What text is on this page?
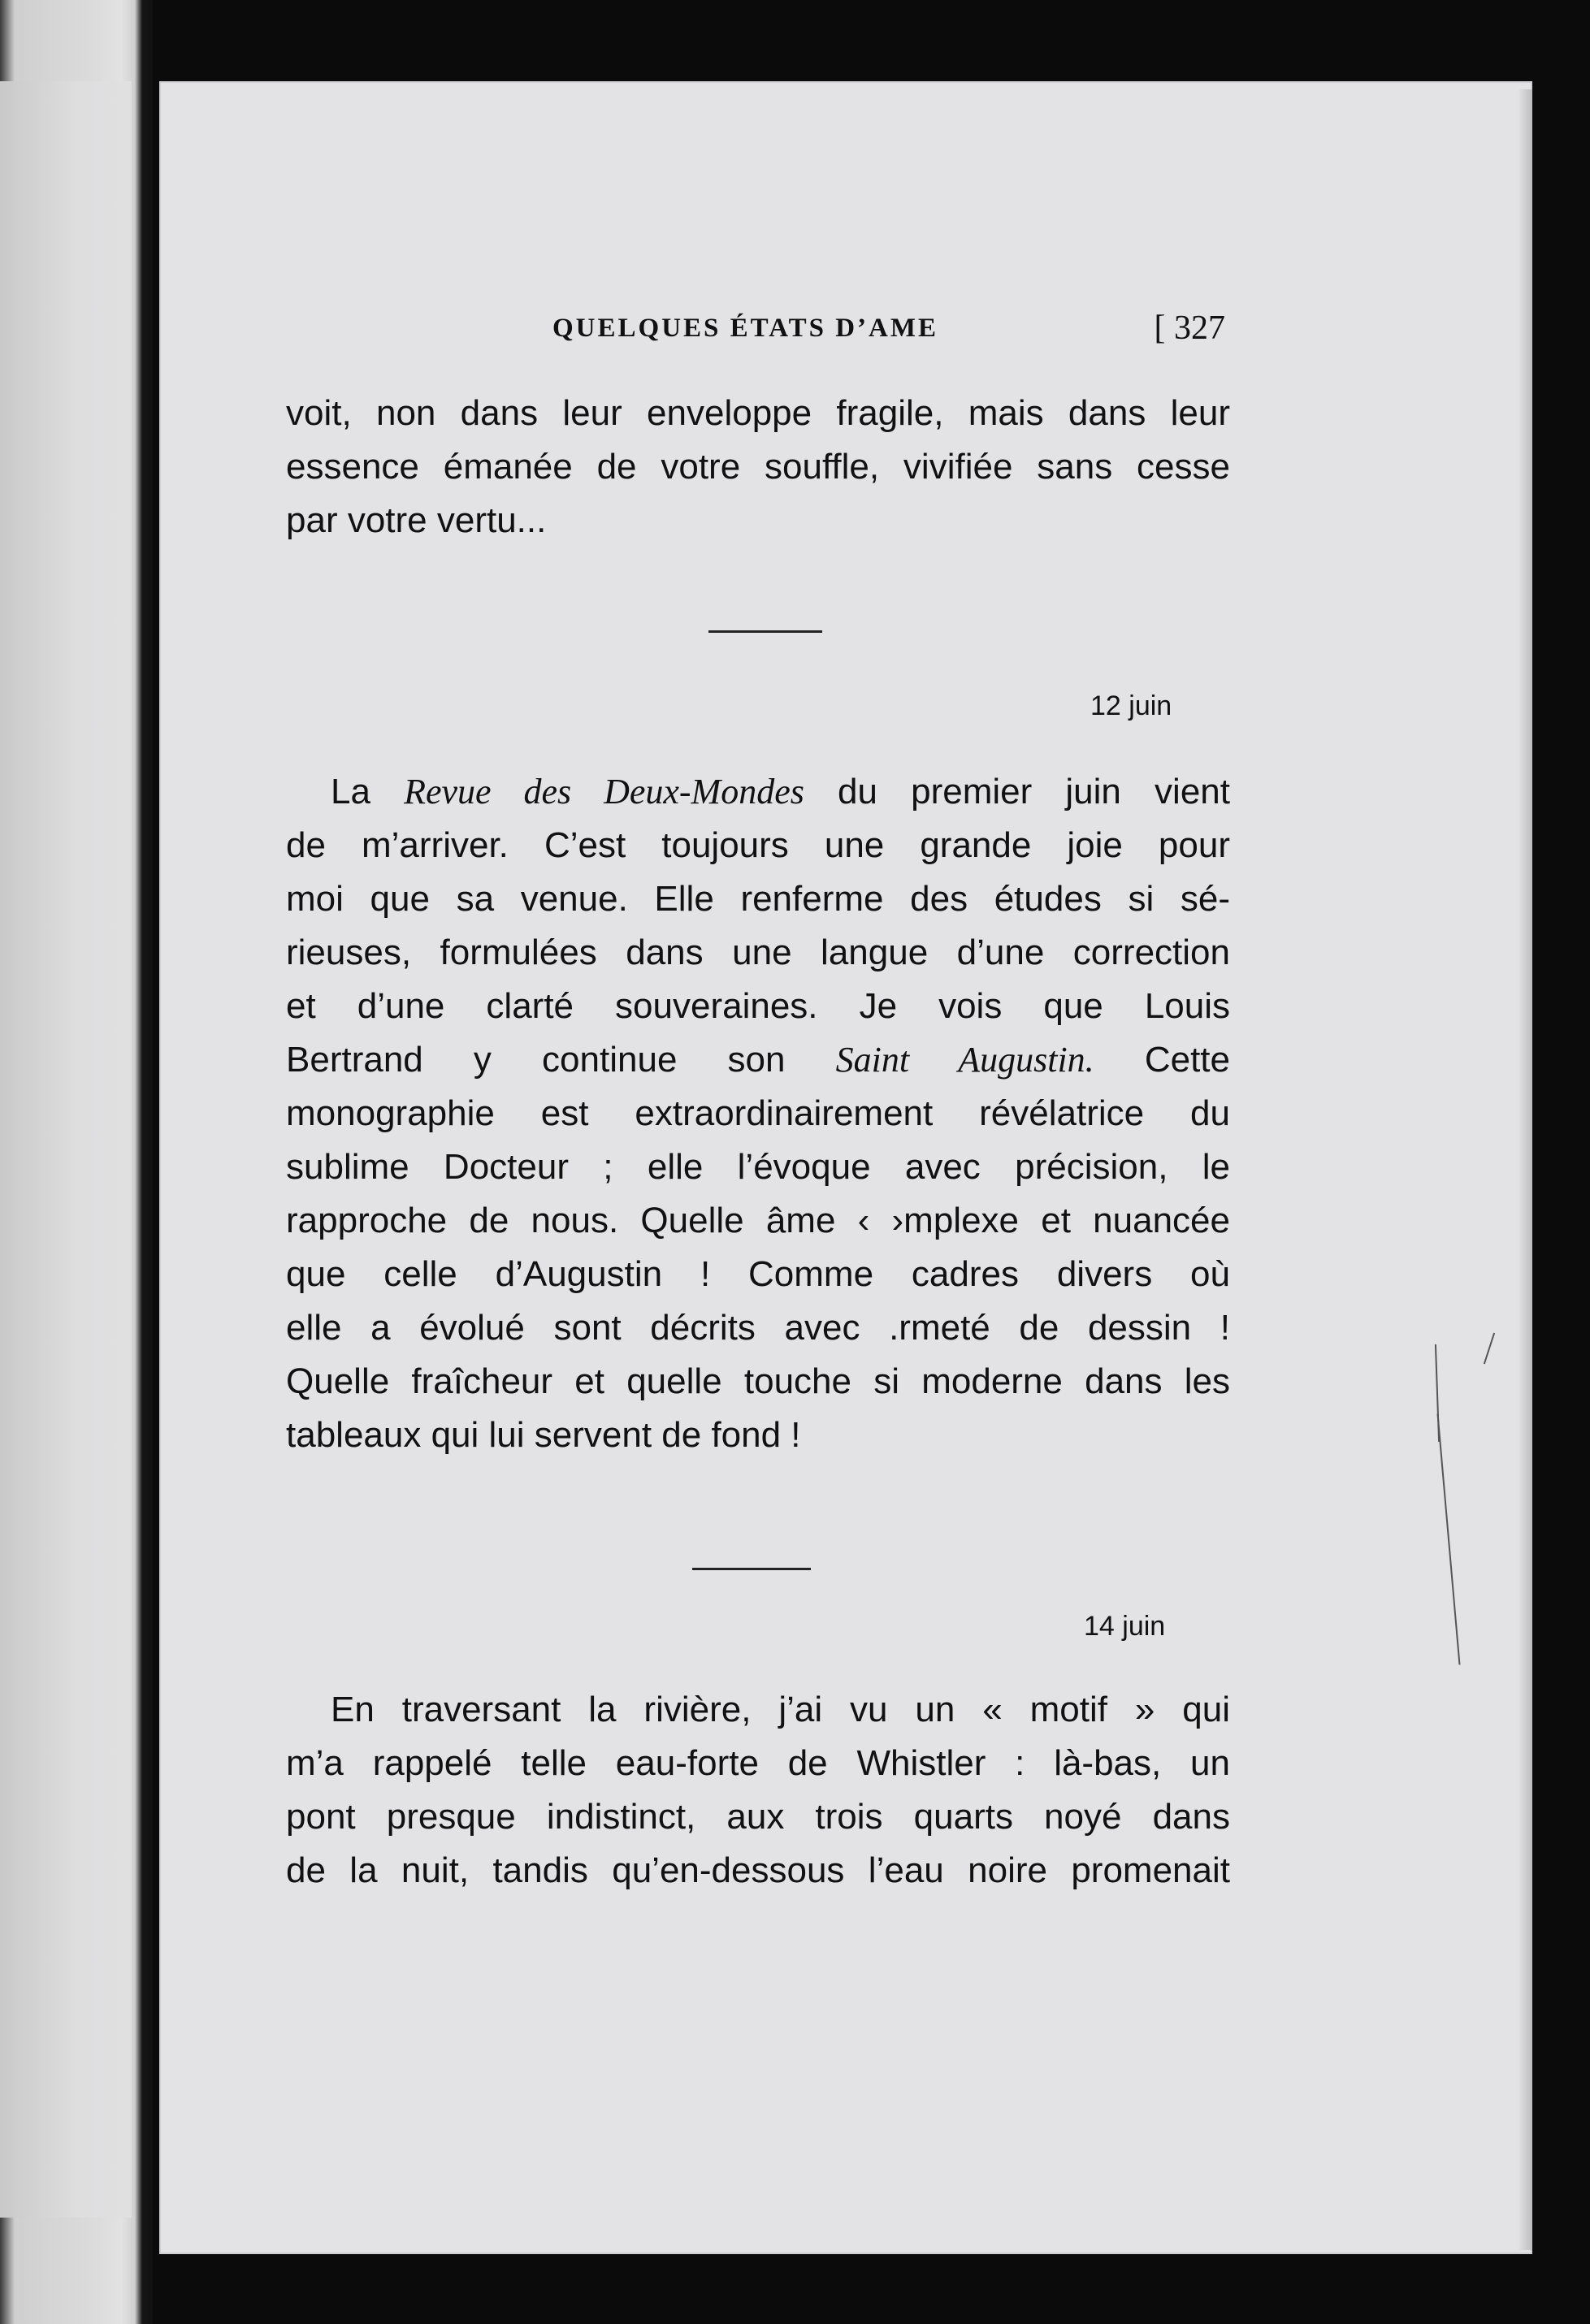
QUELQUES ÉTATS D’AME	[ 327

voit, non dans leur enveloppe fragile, mais dans leur

essence émanée de votre souffle, vivifiée sans cesse

par votre vertu...

12 juin

La Revue des Deux-Mondes du premier juin vient

de m’arriver. C’est toujours une grande joie pour

moi que sa venue. Elle renferme des études si sé-

rieuses, formulées dans une langue d’une correction

et d’une clarté souveraines. Je vois que Louis

Bertrand y continue son Saint Augustin. Cette

monographie est extraordinairement révélatrice du

sublime Docteur ; elle l’évoque avec précision, le

rapproche de nous. Quelle âme ‹ ›mplexe et nuancée

que celle d’Augustin ! Comme cadres divers où

elle a évolué sont décrits avec .rmeté de dessin !

Quelle fraîcheur et quelle touche si moderne dans les

tableaux qui lui servent de fond !

14 juin

En traversant la rivière, j’ai vu un « motif » qui

m’a rappelé telle eau-forte de Whistler : là-bas, un

pont presque indistinct, aux trois quarts noyé dans

de la nuit, tandis qu’en-dessous l’eau noire promenait
